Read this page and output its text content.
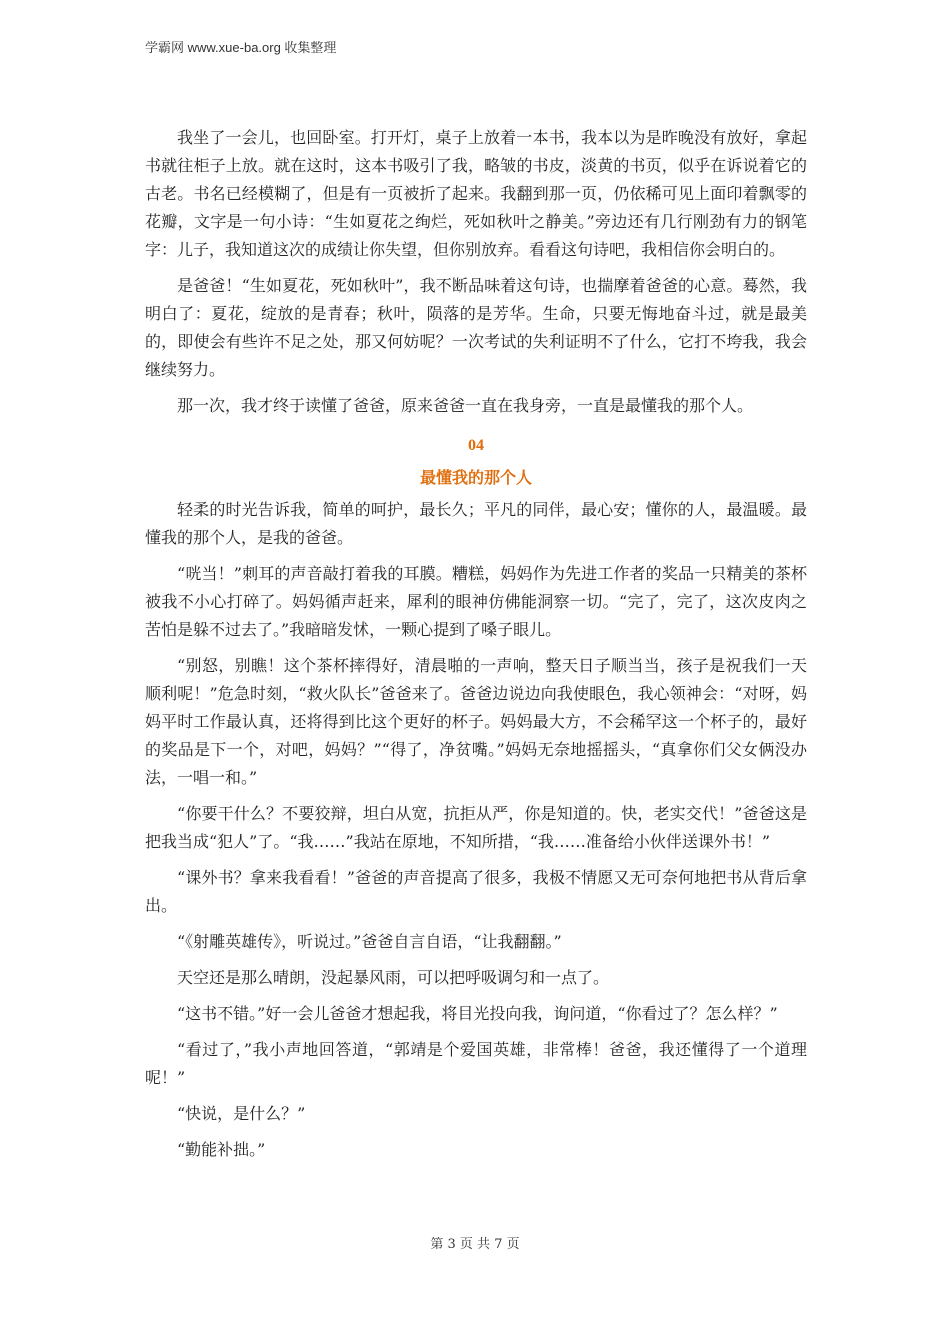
学霸网 www.xue-ba.org 收集整理

我坐了一会儿，也回卧室。打开灯，桌子上放着一本书，我本以为是昨晚没有放好，拿起书就往柜子上放。就在这时，这本书吸引了我，略皱的书皮，淡黄的书页，似乎在诉说着它的古老。书名已经模糊了，但是有一页被折了起来。我翻到那一页，仍依稀可见上面印着飘零的花瓣，文字是一句小诗：“生如夏花之绚烂，死如秋叶之静美。”旁边还有几行刚劲有力的钢笔字：儿子，我知道这次的成绩让你失望，但你别放弃。看看这句诗吧，我相信你会明白的。

是爸爸！“生如夏花，死如秋叶”，我不断品味着这句诗，也揣摩着爸爸的心意。蓦然，我明白了：夏花，绽放的是青春；秋叶，陨落的是芳华。生命，只要无悔地奋斗过，就是最美的，即使会有些许不足之处，那又何妨呢？一次考试的失利证明不了什么，它打不垮我，我会继续努力。

那一次，我才终于读懂了爸爸，原来爸爸一直在我身旁，一直是最懂我的那个人。

04
最懂我的那个人

轻柔的时光告诉我，简单的呵护，最长久；平凡的同伴，最心安；懂你的人，最温暖。最懂我的那个人，是我的爸爸。

“咣当！”刺耳的声音敲打着我的耳膜。糟糕，妈妈作为先进工作者的奖品一只精美的茶杯被我不小心打碎了。妈妈循声赶来，犀利的眼神仿佛能洞察一切。“完了，完了，这次皮肉之苦怕是躲不过去了。”我暗暗发怵，一颗心提到了嗓子眼儿。

“别怒，别瞧！这个茶杯摔得好，清晨啪的一声响，整天日子顺当当，孩子是祝我们一天顺利呢！”危急时刻，“救火队长”爸爸来了。爸爸边说边向我使眼色，我心领神会：“对呀，妈妈平时工作最认真，还将得到比这个更好的杯子。妈妈最大方，不会稀罕这一个杯子的，最好的奖品是下一个，对吧，妈妈？”“得了，净贫嘴。”妈妈无奈地摇摇头，“真拿你们父女俩没办法，一唱一和。”

“你要干什么？不要狡辩，坦白从宽，抗拒从严，你是知道的。快，老实交代！”爸爸这是把我当成“犯人”了。“我……”我站在原地，不知所措，“我……准备给小伙伴送课外书！”

“课外书？拿来我看看！”爸爸的声音提高了很多，我极不情愿又无可奈何地把书从背后拿出。

“《射雕英雄传》，听说过。”爸爸自言自语，“让我翻翻。”

天空还是那么晴朗，没起暴风雨，可以把呼吸调匀和一点了。

“这书不错。”好一会儿爸爸才想起我，将目光投向我，询问道，“你看过了？怎么样？”

“看过了，”我小声地回答道，“郭靖是个爱国英雄，非常棒！爸爸，我还懂得了一个道理呢！”

“快说，是什么？”

“勤能补拙。”

第 3 页 共 7 页
